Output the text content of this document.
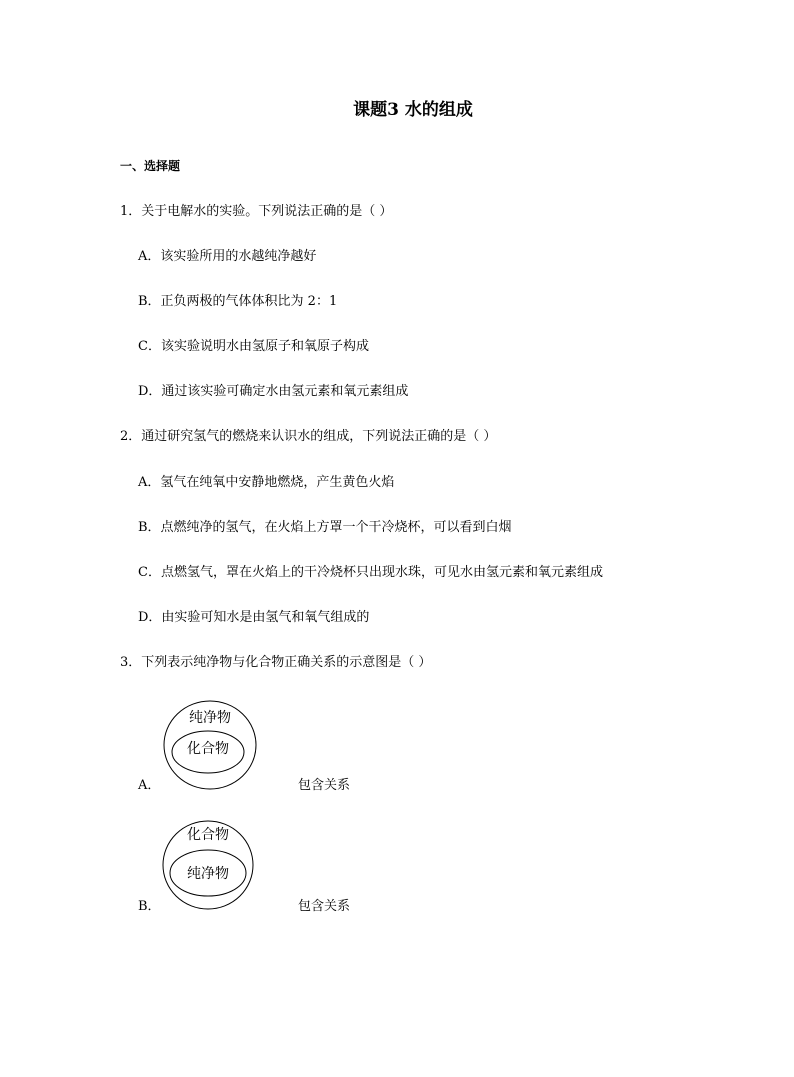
课题3 水的组成
一、选择题
1．关于电解水的实验。下列说法正确的是（ ）
A．该实验所用的水越纯净越好
B．正负两极的气体体积比为 2：1
C．该实验说明水由氢原子和氧原子构成
D．通过该实验可确定水由氢元素和氧元素组成
2．通过研究氢气的燃烧来认识水的组成，下列说法正确的是（ ）
A．氢气在纯氧中安静地燃烧，产生黄色火焰
B．点燃纯净的氢气，在火焰上方罩一个干冷烧杯，可以看到白烟
C．点燃氢气，罩在火焰上的干冷烧杯只出现水珠，可见水由氢元素和氧元素组成
D．由实验可知水是由氢气和氧气组成的
3．下列表示纯净物与化合物正确关系的示意图是（ ）
A．
纯净物
化合物
包含关系
B．
化合物
纯净物
包含关系
